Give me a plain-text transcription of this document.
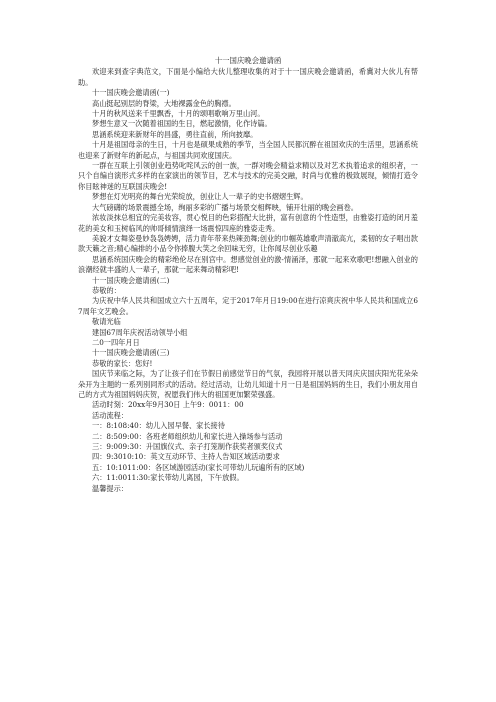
十一国庆晚会邀请函

欢迎来到查字典范文，下面是小编给大伙儿整理收集的对于十一国庆晚会邀请函，希冀对大伙儿有帮助。

十一国庆晚会邀请函(一)

高山挺起别层的脊梁，大地裸露金色的胸襟。

十月的秋风送来千里飘香，十月的颂唱歌响万里山河。

梦想生意又一次随着祖国的生日，燃起激情，化作诗篇。

思涵系统迎来新财年的昌盛，勇往直前，所向披靡。

十月是祖国母亲的生日，十月也是硕果成熟的季节，当全国人民都沉醉在祖国欢庆的生活里，思涵系统也迎来了新财年的新起点，与祖国共同欢度国庆。

一群在互联上引领创业趋势叱咤风云的创一族，一群对晚会精益求精以及对艺术执着追求的组织者，一只个自编自演形式多样的在家演出的领节目，艺术与技术的完美交融，时尚与优雅的极致展现，倾情打造令你目眩神迷的互联国庆晚会!

梦想在灯光明亮的舞台光荣绽放，创业让人一辈子的史书熠熠生辉。

大气磅礴的场景震撼全场，绚丽多彩的广播与场景交相辉映，铺开壮丽的晚会画卷。

浓妆淡抹总相宜的完美妆容，贯心悦目的色彩搭配大比拼，富有创意的个性造型，由雅姿打造的闭月羞花的美女和玉树临风的帅哥倾情演绎一场震惊四座的雅姿走秀。

美貌才女舞姿曼妙袅袅娉娉，活力青年带来热辣劲舞;创业的巾帼英雄歌声清澈高亢，柔韧的女子唱出款款天籁之音;精心编排的小品令你捧腹大笑之余回味无穷，让你闻尽创业乐趣

思涵系统国庆晚会的精彩绝伦尽在别宫中。想感觉创业的激-情涌泽，那就一起来欢歌吧!想融入创业的浪潮经就丰盛的人一辈子，那就一起来舞动精彩吧!

十一国庆晚会邀请函(二)

恭敬的：

为庆祝中华人民共和国成立六十五周年，定于2017年月日19:00在进行凉爽庆祝中华人民共和国成立67周年文艺晚会。

敬请光临

建国67周年庆祝活动领导小组

二0一四年月日

十一国庆晚会邀请函(三)

恭敬的家长：您好!

国庆节来临之际，为了让孩子们在节假日前感觉节日的气氛，我园将开展以普天同庆庆国庆阳光花朵朵朵开为主题的一系列别同形式的活动。经过活动，让幼儿知道十月一日是祖国妈妈的生日，我们小朋友用自己的方式为祖国妈妈庆贺，祝愿我们伟大的祖国更加繁荣强盛。

活动时刻：20xx年9月30日 上午9：0011：00

活动流程：

一：8:108:40：幼儿入园早餐、家长接待

二：8:509:00：各班老师组织幼儿和家长进入操场参与活动

三：9:009:30：升国旗仪式、亲子打笼制作获奖者颁奖仪式

四：9:3010:10：英文互动环节、主持人告知区域活动要求

五：10:1011:00：各区域游园活动(家长可带幼儿玩遍所有的区域)

六：11:0011:30:家长带幼儿离园，下午放假。

温馨提示：
